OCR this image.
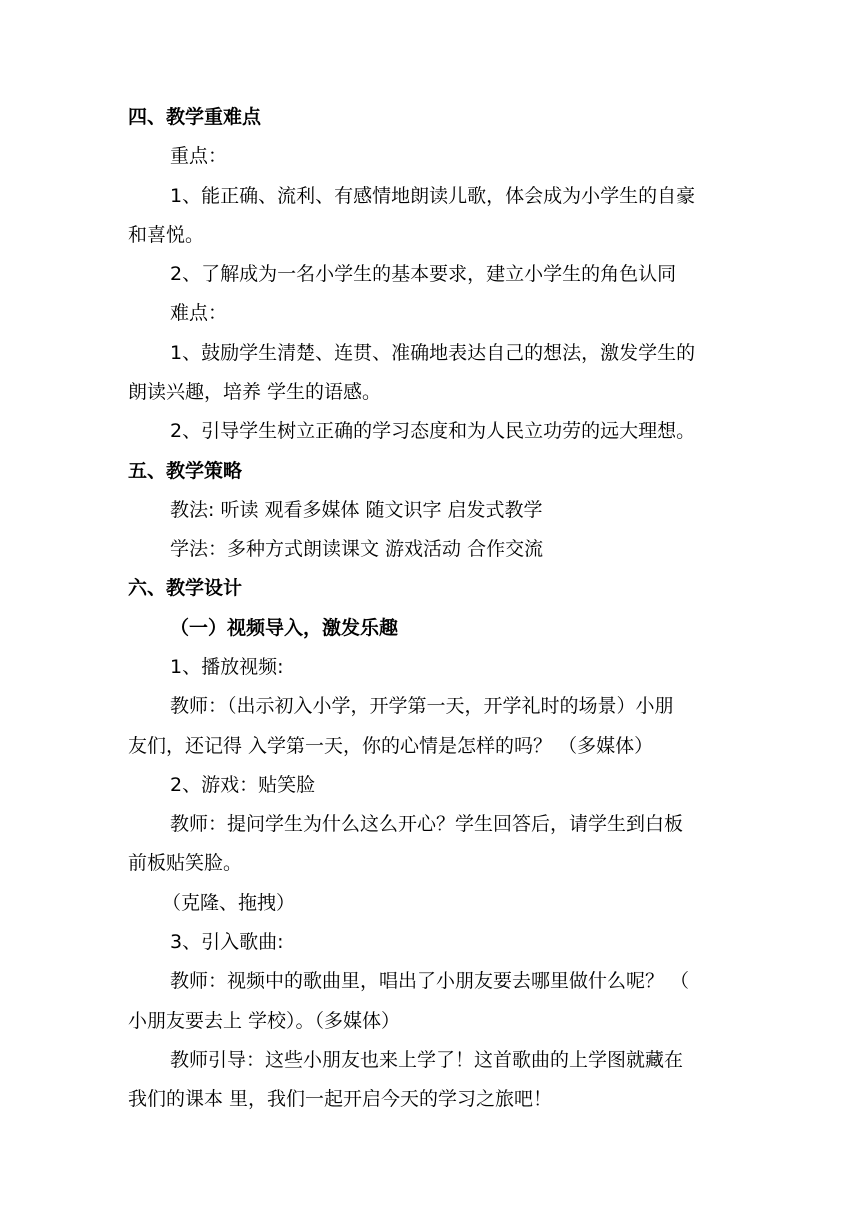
四、教学重难点
重点：
1、能正确、流利、有感情地朗读儿歌，体会成为小学生的自豪
和喜悦。
2、了解成为一名小学生的基本要求，建立小学生的角色认同
难点：
1、鼓励学生清楚、连贯、准确地表达自己的想法，激发学生的
朗读兴趣，培养 学生的语感。
2、引导学生树立正确的学习态度和为人民立功劳的远大理想。
五、教学策略
教法: 听读 观看多媒体 随文识字 启发式教学
学法：多种方式朗读课文 游戏活动 合作交流
六、教学设计
（一）视频导入，激发乐趣
1、播放视频:
教师：（出示初入小学，开学第一天，开学礼时的场景）小朋
友们，还记得 入学第一天，你的心情是怎样的吗？ （多媒体）
2、游戏：贴笑脸
教师：提问学生为什么这么开心？学生回答后，请学生到白板
前板贴笑脸。
（克隆、拖拽）
3、引入歌曲:
教师：视频中的歌曲里，唱出了小朋友要去哪里做什么呢？ （
小朋友要去上 学校）。（多媒体）
教师引导：这些小朋友也来上学了！这首歌曲的上学图就藏在
我们的课本 里，我们一起开启今天的学习之旅吧！
